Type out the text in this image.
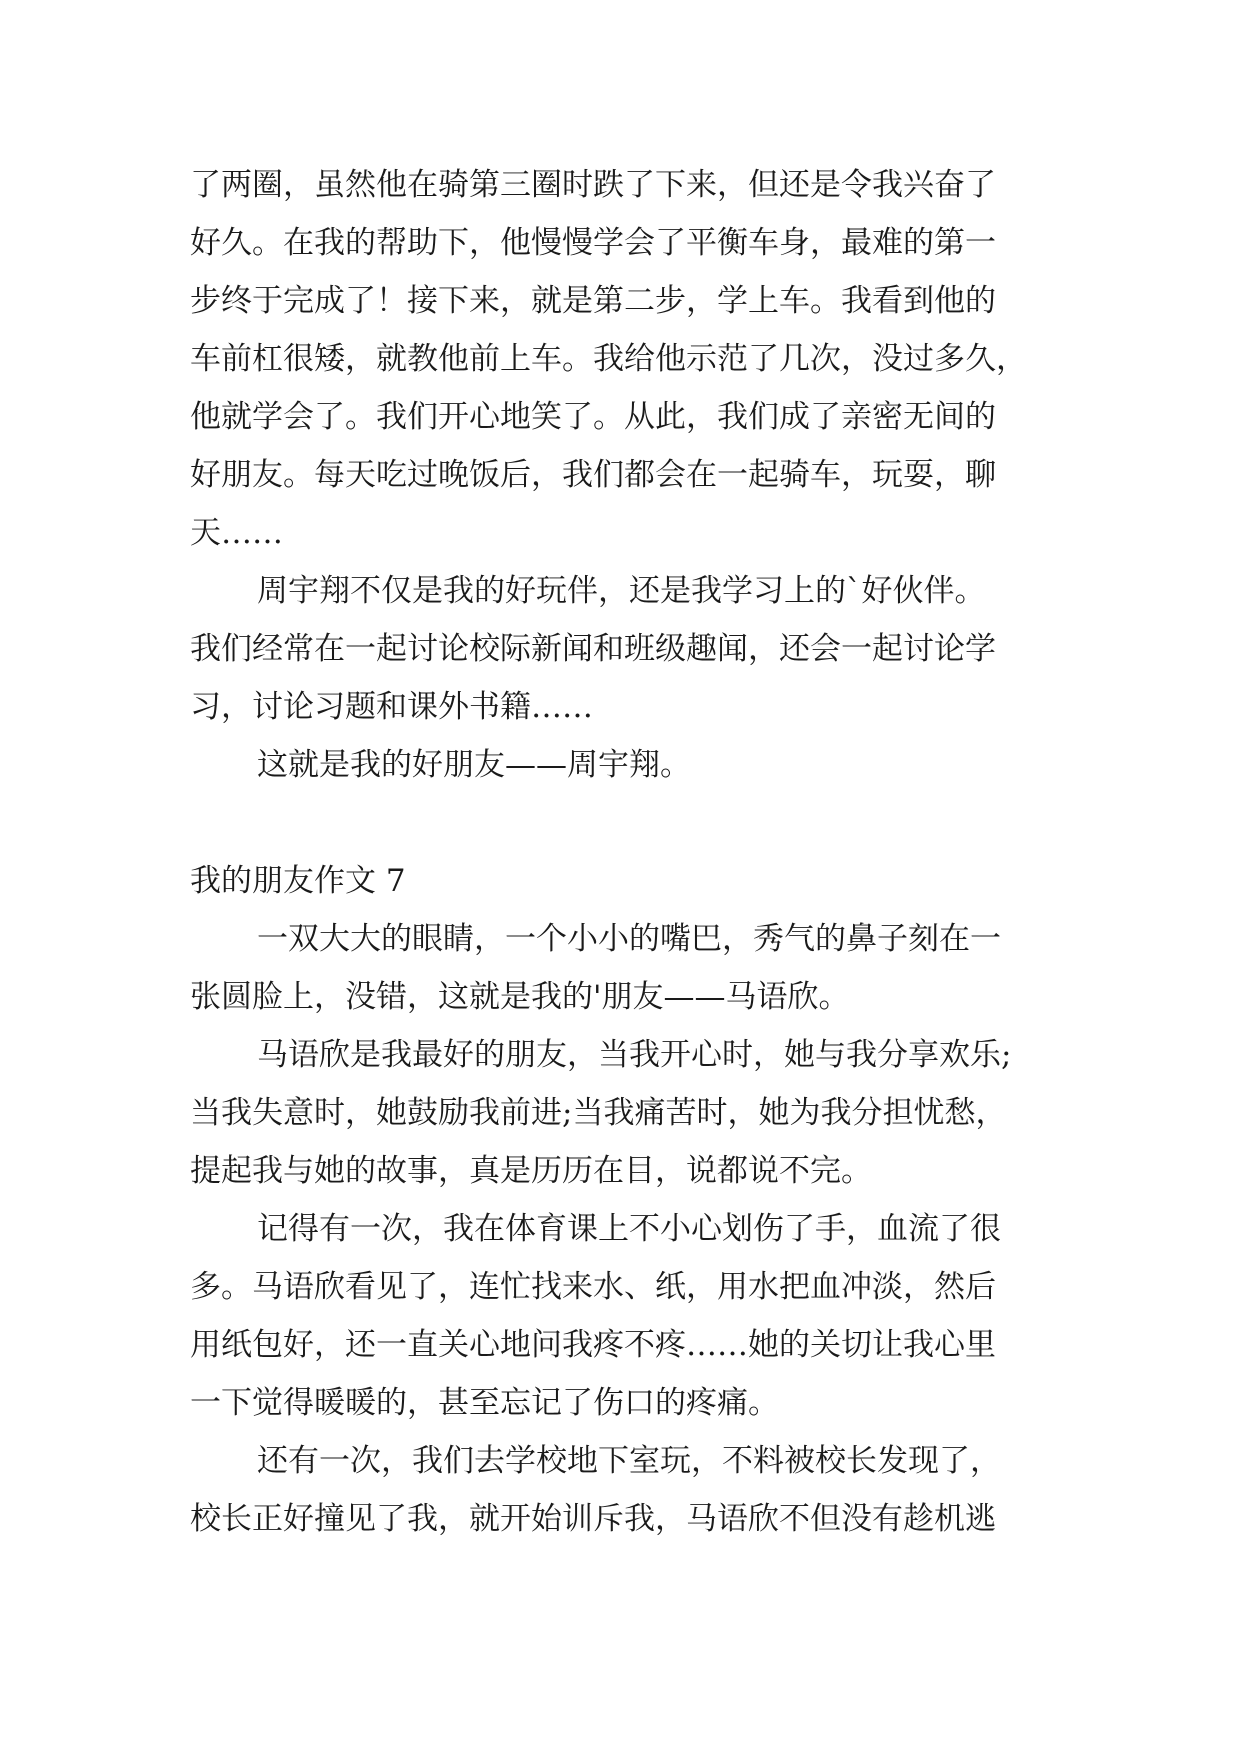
了两圈，虽然他在骑第三圈时跌了下来，但还是令我兴奋了
好久。在我的帮助下，他慢慢学会了平衡车身，最难的第一
步终于完成了！接下来，就是第二步，学上车。我看到他的
车前杠很矮，就教他前上车。我给他示范了几次，没过多久，
他就学会了。我们开心地笑了。从此，我们成了亲密无间的
好朋友。每天吃过晚饭后，我们都会在一起骑车，玩耍，聊
天……
周宇翔不仅是我的好玩伴，还是我学习上的`好伙伴。
我们经常在一起讨论校际新闻和班级趣闻，还会一起讨论学
习，讨论习题和课外书籍……
这就是我的好朋友——周宇翔。
我的朋友作文 7
一双大大的眼睛，一个小小的嘴巴，秀气的鼻子刻在一
张圆脸上，没错，这就是我的'朋友——马语欣。
马语欣是我最好的朋友，当我开心时，她与我分享欢乐;
当我失意时，她鼓励我前进;当我痛苦时，她为我分担忧愁，
提起我与她的故事，真是历历在目，说都说不完。
记得有一次，我在体育课上不小心划伤了手，血流了很
多。马语欣看见了，连忙找来水、纸，用水把血冲淡，然后
用纸包好，还一直关心地问我疼不疼……她的关切让我心里
一下觉得暖暖的，甚至忘记了伤口的疼痛。
还有一次，我们去学校地下室玩，不料被校长发现了，
校长正好撞见了我，就开始训斥我，马语欣不但没有趁机逃
